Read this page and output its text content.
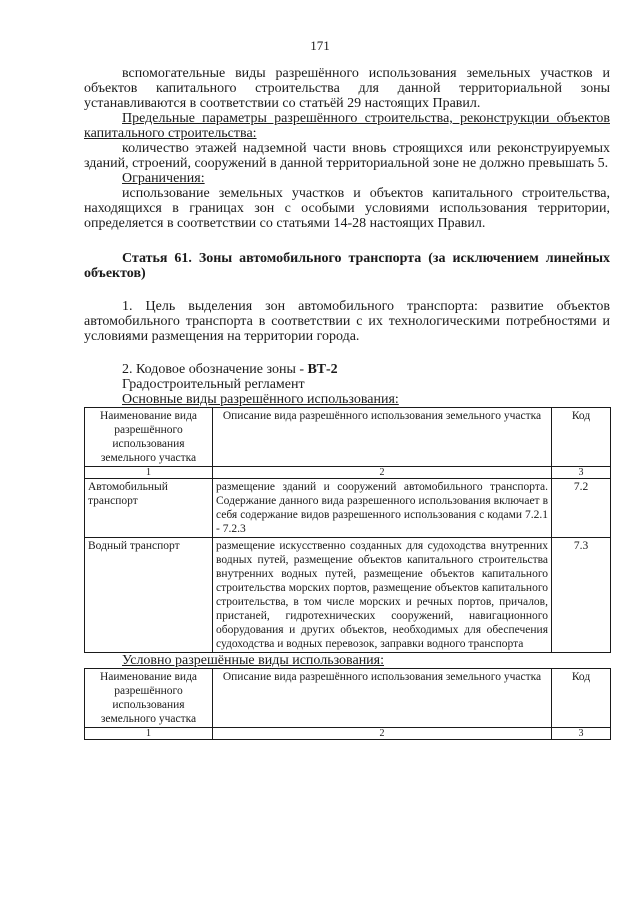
171

вспомогательные виды разрешённого использования земельных участков и объектов капитального строительства для данной территориальной зоны устанавливаются в соответствии со статьёй 29 настоящих Правил.

Предельные параметры разрешённого строительства, реконструкции объектов капитального строительства:

количество этажей надземной части вновь строящихся или реконструируемых зданий, строений, сооружений в данной территориальной зоне не должно превышать 5.

Ограничения:

использование земельных участков и объектов капитального строительства, находящихся в границах зон с особыми условиями использования территории, определяется в соответствии со статьями 14-28 настоящих Правил.

Статья 61. Зоны автомобильного транспорта (за исключением линейных объектов)

1. Цель выделения зон автомобильного транспорта: развитие объектов автомобильного транспорта в соответствии с их технологическими потребностями и условиями размещения на территории города.

2. Кодовое обозначение зоны - ВТ-2

Градостроительный регламент

Основные виды разрешённого использования:

Наименование вида разрешённого использования земельного участка	Описание вида разрешённого использования земельного участка	Код
1	2	3
Автомобильный транспорт	размещение зданий и сооружений автомобильного транспорта. Содержание данного вида разрешенного использования включает в себя содержание видов разрешенного использования с кодами 7.2.1 - 7.2.3	7.2
Водный транспорт	размещение искусственно созданных для судоходства внутренних водных путей, размещение объектов капитального строительства внутренних водных путей, размещение объектов капитального строительства морских портов, размещение объектов капитального строительства, в том числе морских и речных портов, причалов, пристаней, гидротехнических сооружений, навигационного оборудования и других объектов, необходимых для обеспечения судоходства и водных перевозок, заправки водного транспорта	7.3

Условно разрешённые виды использования:

Наименование вида разрешённого использования земельного участка	Описание вида разрешённого использования земельного участка	Код
1	2	3
